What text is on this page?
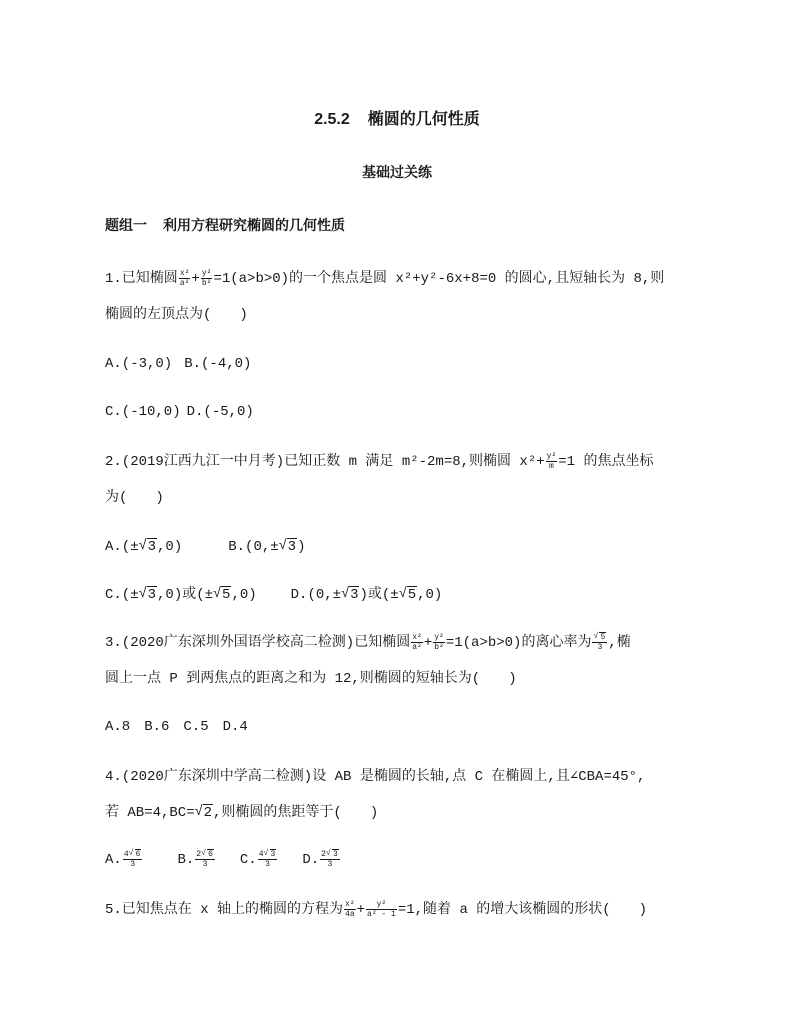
2.5.2 椭圆的几何性质
基础过关练
题组一 利用方程研究椭圆的几何性质
1.已知椭圆 $\frac{\text{x²}}{\text{a²}} + \frac{\text{y²}}{\text{b²}} =1(a>b>0)$的一个焦点是圆 x²+y²-6x+8=0 的圆心,且短轴长为 8,则
椭圆的左顶点为(　　)
A.(-3,0) B.(-4,0)
C.(-10,0) D.(-5,0)
2.(2019江西九江一中月考)已知正数 m 满足 m²-2m=8,则椭圆 $x^2+ \frac{\text{y²}}{m} =1$ 的焦点坐标
为(　　)
A.(± √ 3,0)	B.(0,± √ 3)
C.(± √ 3,0)或(± √ 5,0) D.(0,± √ 3)或(± √ 5,0)
3.(2020广东深圳外国语学校高二检测)已知椭圆 $\frac{\text{x²}}{\text{a²}} + \frac{\text{y²}}{\text{b²}} =1(a>b>0)$的离心率为 $\frac{√ 5}{3}$ ,椭
圆上一点 P 到两焦点的距离之和为 12,则椭圆的短轴长为(　　)
A.8　B.6　C.5　D.4
4.(2020广东深圳中学高二检测)设 AB 是椭圆的长轴,点 C 在椭圆上,且∠CBA=45°,
若 AB=4,BC= √ 2,则椭圆的焦距等于(　　)
A. $\frac{4 √ 6}{3}$	B. $\frac{2 √ 6}{3} C$. $\frac{4 √ 3}{3} D$. $\frac{2 √ 3}{3}$
5.已知焦点在 x 轴上的椭圆的方程为 $\frac{\text{x²}}{4a} + \frac{\text{y²}}{\text{a² - 1}} =1$,随着 a 的增大该椭圆的形状(　　)
